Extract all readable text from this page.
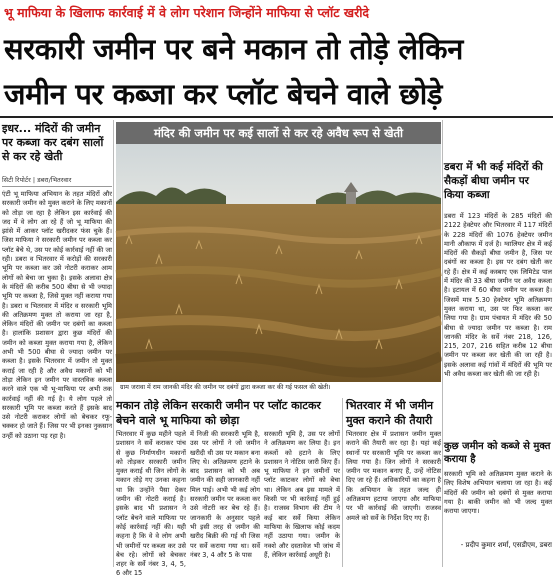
भू माफिया के खिलाफ कार्रवाई में वे लोग परेशान जिन्होंने माफिया से प्लॉट खरीदे
सरकारी जमीन पर बने मकान तो तोड़े लेकिन
जमीन पर कब्जा कर प्लॉट बेचने वाले छोड़े
इधर... मंदिरों की जमीन पर कब्जा कर दबंग सालों से कर रहे खेती
सिटी रिपोर्टर | डबरा/भितरवार
एंटी भू माफिया अभियान के तहत मंदिरों और सरकारी जमीन को मुक्त कराने के लिए मकानों को तोड़ा जा रहा है लेकिन इस कार्रवाई की जद में वे लोग आ रहे हैं जो भू माफिया की झांसे में आकर प्लॉट खरीदकर फंस चुके हैं। जिस माफिया ने सरकारी जमीन पर कब्जा कर प्लॉट बेचे थे, उस पर कोई कार्रवाई नहीं की जा रही। डबरा व भितरवार में करोड़ों की सरकारी भूमि पर कब्जा कर उसे नोटरी कराकर आम लोगों को बेचा जा चुका है। इसके अलावा क्षेत्र के मंदिरों की करीब 500 बीघा से भी ज्यादा भूमि पर कब्जा है, जिसे मुक्त नहीं कराया गया है। डबरा व भितरवार में मंदिर व सरकारी भूमि की अतिक्रमण मुक्त तो कराया जा रहा है, लेकिन मंदिरों की जमीन पर दबंगों का कब्जा है। हालांकि प्रशासन द्वारा कुछ मंदिरों की जमीन को कब्जा मुक्त कराया गया है, लेकिन अभी भी 500 बीघा से ज्यादा जमीन पर कब्जा है। इसके भितरवार में जमीन तो मुक्त कराई जा रही है और अवैध मकानों को भी तोड़ा लेकिन इन जमीन पर वास्तविक कब्जा करने वाले एक भी भू-माफिया पर अभी तक कार्रवाई नहीं की गई है। ये लोग पहले तो सरकारी भूमि पर कब्जा करते हैं इसके बाद उसे नोटरी कराकर लोगों को बेचकर रफू-चक्कर हो जाते हैं। जिस पर भी इनका नुकसान उन्हीं को उठाना पड़ रहा है।
मंदिर की जमीन पर कई सालों से कर रहे अवैध रूप से खेती
ग्राम जरावा में राम जानकी मंदिर की जमीन पर दबंगों द्वारा कब्जा कर की गई फसल की खेती।
डबरा में भी कई मंदिरों की सैकड़ों बीघा जमीन पर किया कब्जा
डबरा में 123 मंदिरों के 285 मंदिरों की 2122 हेक्टेयर और भितरवार में 117 मंदिरों के 228 मंदिरों की 1076 हेक्टेयर जमीन मानी औकाफ में दर्ज है। ग्वालियर क्षेत्र में कई मंदिरों की सैकड़ों बीघा जमीन है, जिस पर दबंगों का कब्जा है। इस पर दबंग खेती कर रहे हैं। क्षेत्र में कई कस्बाए एक लिमिटेड पाल में मंदिर की 33 बीघा जमीन पर अवैध कब्जा है। इटायल में 60 बीघा जमीन पर कब्जा है। जिसमें मात्र 5.30 हेक्टेयर भूमि अतिक्रमण मुक्त कराया था, उस पर फिर कब्जा कर लिया गया है। ग्राम पंचायत में मंदिर की 50 बीघा से ज्यादा जमीन पर कब्जा है। राम जानकी मंदिर के सर्वे नंबर 218, 126, 215, 207, 216 सहित करीब 12 बीघा जमीन पर कब्जा कर खेती की जा रही है। इसके अलावा कई गांवों में मंदिरों की भूमि पर भी अवैध कब्जा कर खेती की जा रही है।
कुछ जमीन को कब्जे से मुक्त कराया है
सरकारी भूमि को अतिक्रमण मुक्त कराने के लिए विशेष अभियान चलाया जा रहा है। कई मंदिरों की जमीन को दबंगों से मुक्त कराया गया है। बाकी जमीन को भी जल्द मुक्त कराया जाएगा।
- प्रदीप कुमार शर्मा, एसडीएम, डबरा
मकान तोड़े लेकिन सरकारी जमीन पर प्लॉट काटकर बेचने वाले भू माफिया को छोड़ा
भितरवार में भी जमीन मुक्त कराने की तैयारी
भितरवार में कुछ महीने पहले प्रशासन ने सर्वे कराकर पांच से कुछ निर्माणधीन मकानों को तोड़कर सरकारी जमीन मुक्त कराई थी जिन लोगों के मकान तोड़े गए उनका कहना था कि उन्होंने पैसा देकर जमीन की नोटरी कराई है। इसके बाद भी प्रशासन ने प्लॉट बेचने वाले माफिया पर कोई कार्रवाई नहीं की। यही कहना है कि वे वे लोग अभी भी जमीनों पर कब्जा कर उसे बेच रहे। लोगों को बेचकर शहर के सर्वे नंबर 3, 4, 5, 6 और 15
में निजी की सरकारी भूमि है, उस पर लोगों ने जो जमीन खरीदी थी उस पर मकान बना लिए थे। अतिक्रमण हटाने के बाद प्रशासन को भी अब जमीन की सही जानकारी नहीं मिल पाई। अभी भी कई लोग सरकारी जमीन पर कब्जा कर उसे नोटरी कर बेच रहे हैं। जानकारी के अनुसार पहले भी इसी तरह से जमीन की खरीद बिक्री की गई थी जिस पर सर्वे कराया गया था। सर्वे नंबर 3, 4 और 5 के पास
सरकारी भूमि है, उस पर लोगों ने अतिक्रमण कर लिया है। इन कब्जों को हटाने के लिए प्रशासन ने नोटिस जारी किए हैं। भू माफिया ने इन जमीनों पर प्लॉट काटकर लोगों को बेचा था। लेकिन अब इस मामले में किसी पर भी कार्रवाई नहीं हुई है। राजस्व विभाग की टीम ने कई बार सर्वे किया लेकिन माफिया के खिलाफ कोई कदम नहीं उठाया गया। जमीन के नक्शे और दस्तावेज भी जांच में हैं, लेकिन कार्रवाई अधूरी है।
भितरवार क्षेत्र में प्रशासन जमीन मुक्त कराने की तैयारी कर रहा है। यहां कई स्थानों पर सरकारी भूमि पर कब्जा कर लिया गया है। जिन लोगों ने सरकारी जमीन पर मकान बनाए हैं, उन्हें नोटिस दिए जा रहे हैं। अधिकारियों का कहना है कि अभियान के तहत जल्द ही अतिक्रमण हटाया जाएगा और माफिया पर भी कार्रवाई की जाएगी। राजस्व अमले को सर्वे के निर्देश दिए गए हैं।
